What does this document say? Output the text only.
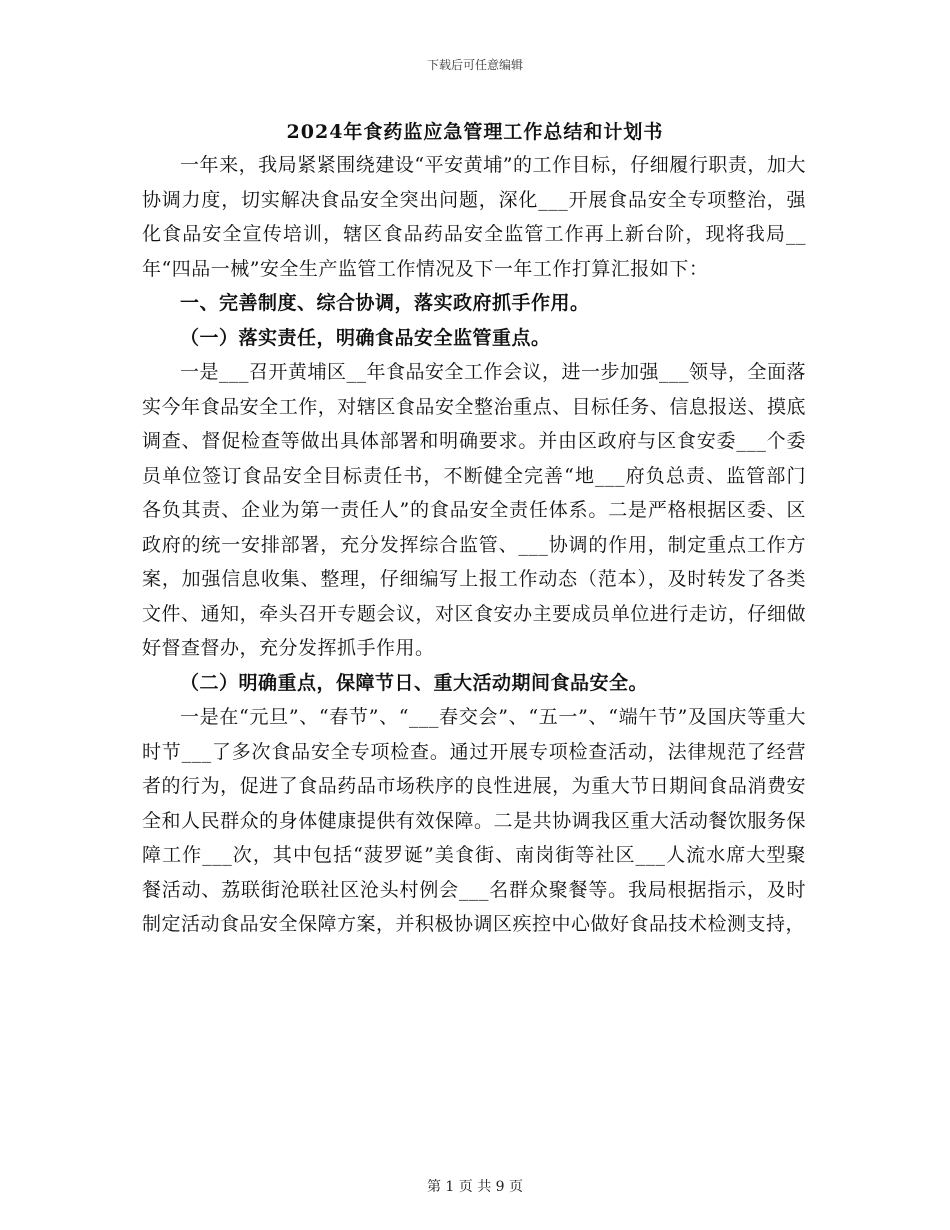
下载后可任意编辑
2024年食药监应急管理工作总结和计划书

一年来，我局紧紧围绕建设“平安黄埔”的工作目标，仔细履行职责，加大协调力度，切实解决食品安全突出问题，深化___开展食品安全专项整治，强化食品安全宣传培训，辖区食品药品安全监管工作再上新台阶，现将我局__年“四品一械”安全生产监管工作情况及下一年工作打算汇报如下：

一、完善制度、综合协调，落实政府抓手作用。

（一）落实责任，明确食品安全监管重点。

一是___召开黄埔区__年食品安全工作会议，进一步加强___领导，全面落实今年食品安全工作，对辖区食品安全整治重点、目标任务、信息报送、摸底调查、督促检查等做出具体部署和明确要求。并由区政府与区食安委___个委员单位签订食品安全目标责任书，不断健全完善“地___府负总责、监管部门各负其责、企业为第一责任人”的食品安全责任体系。二是严格根据区委、区政府的统一安排部署，充分发挥综合监管、___协调的作用，制定重点工作方案，加强信息收集、整理，仔细编写上报工作动态（范本），及时转发了各类文件、通知，牵头召开专题会议，对区食安办主要成员单位进行走访，仔细做好督查督办，充分发挥抓手作用。

（二）明确重点，保障节日、重大活动期间食品安全。

一是在“元旦”、“春节”、“___春交会”、“五一”、“端午节”及国庆等重大时节___了多次食品安全专项检查。通过开展专项检查活动，法律规范了经营者的行为，促进了食品药品市场秩序的良性进展，为重大节日期间食品消费安全和人民群众的身体健康提供有效保障。二是共协调我区重大活动餐饮服务保障工作___次，其中包括“菠罗诞”美食街、南岗街等社区___人流水席大型聚餐活动、荔联街沧联社区沧头村例会___名群众聚餐等。我局根据指示，及时制定活动食品安全保障方案，并积极协调区疾控中心做好食品技术检测支持，

第 1 页 共 9 页
